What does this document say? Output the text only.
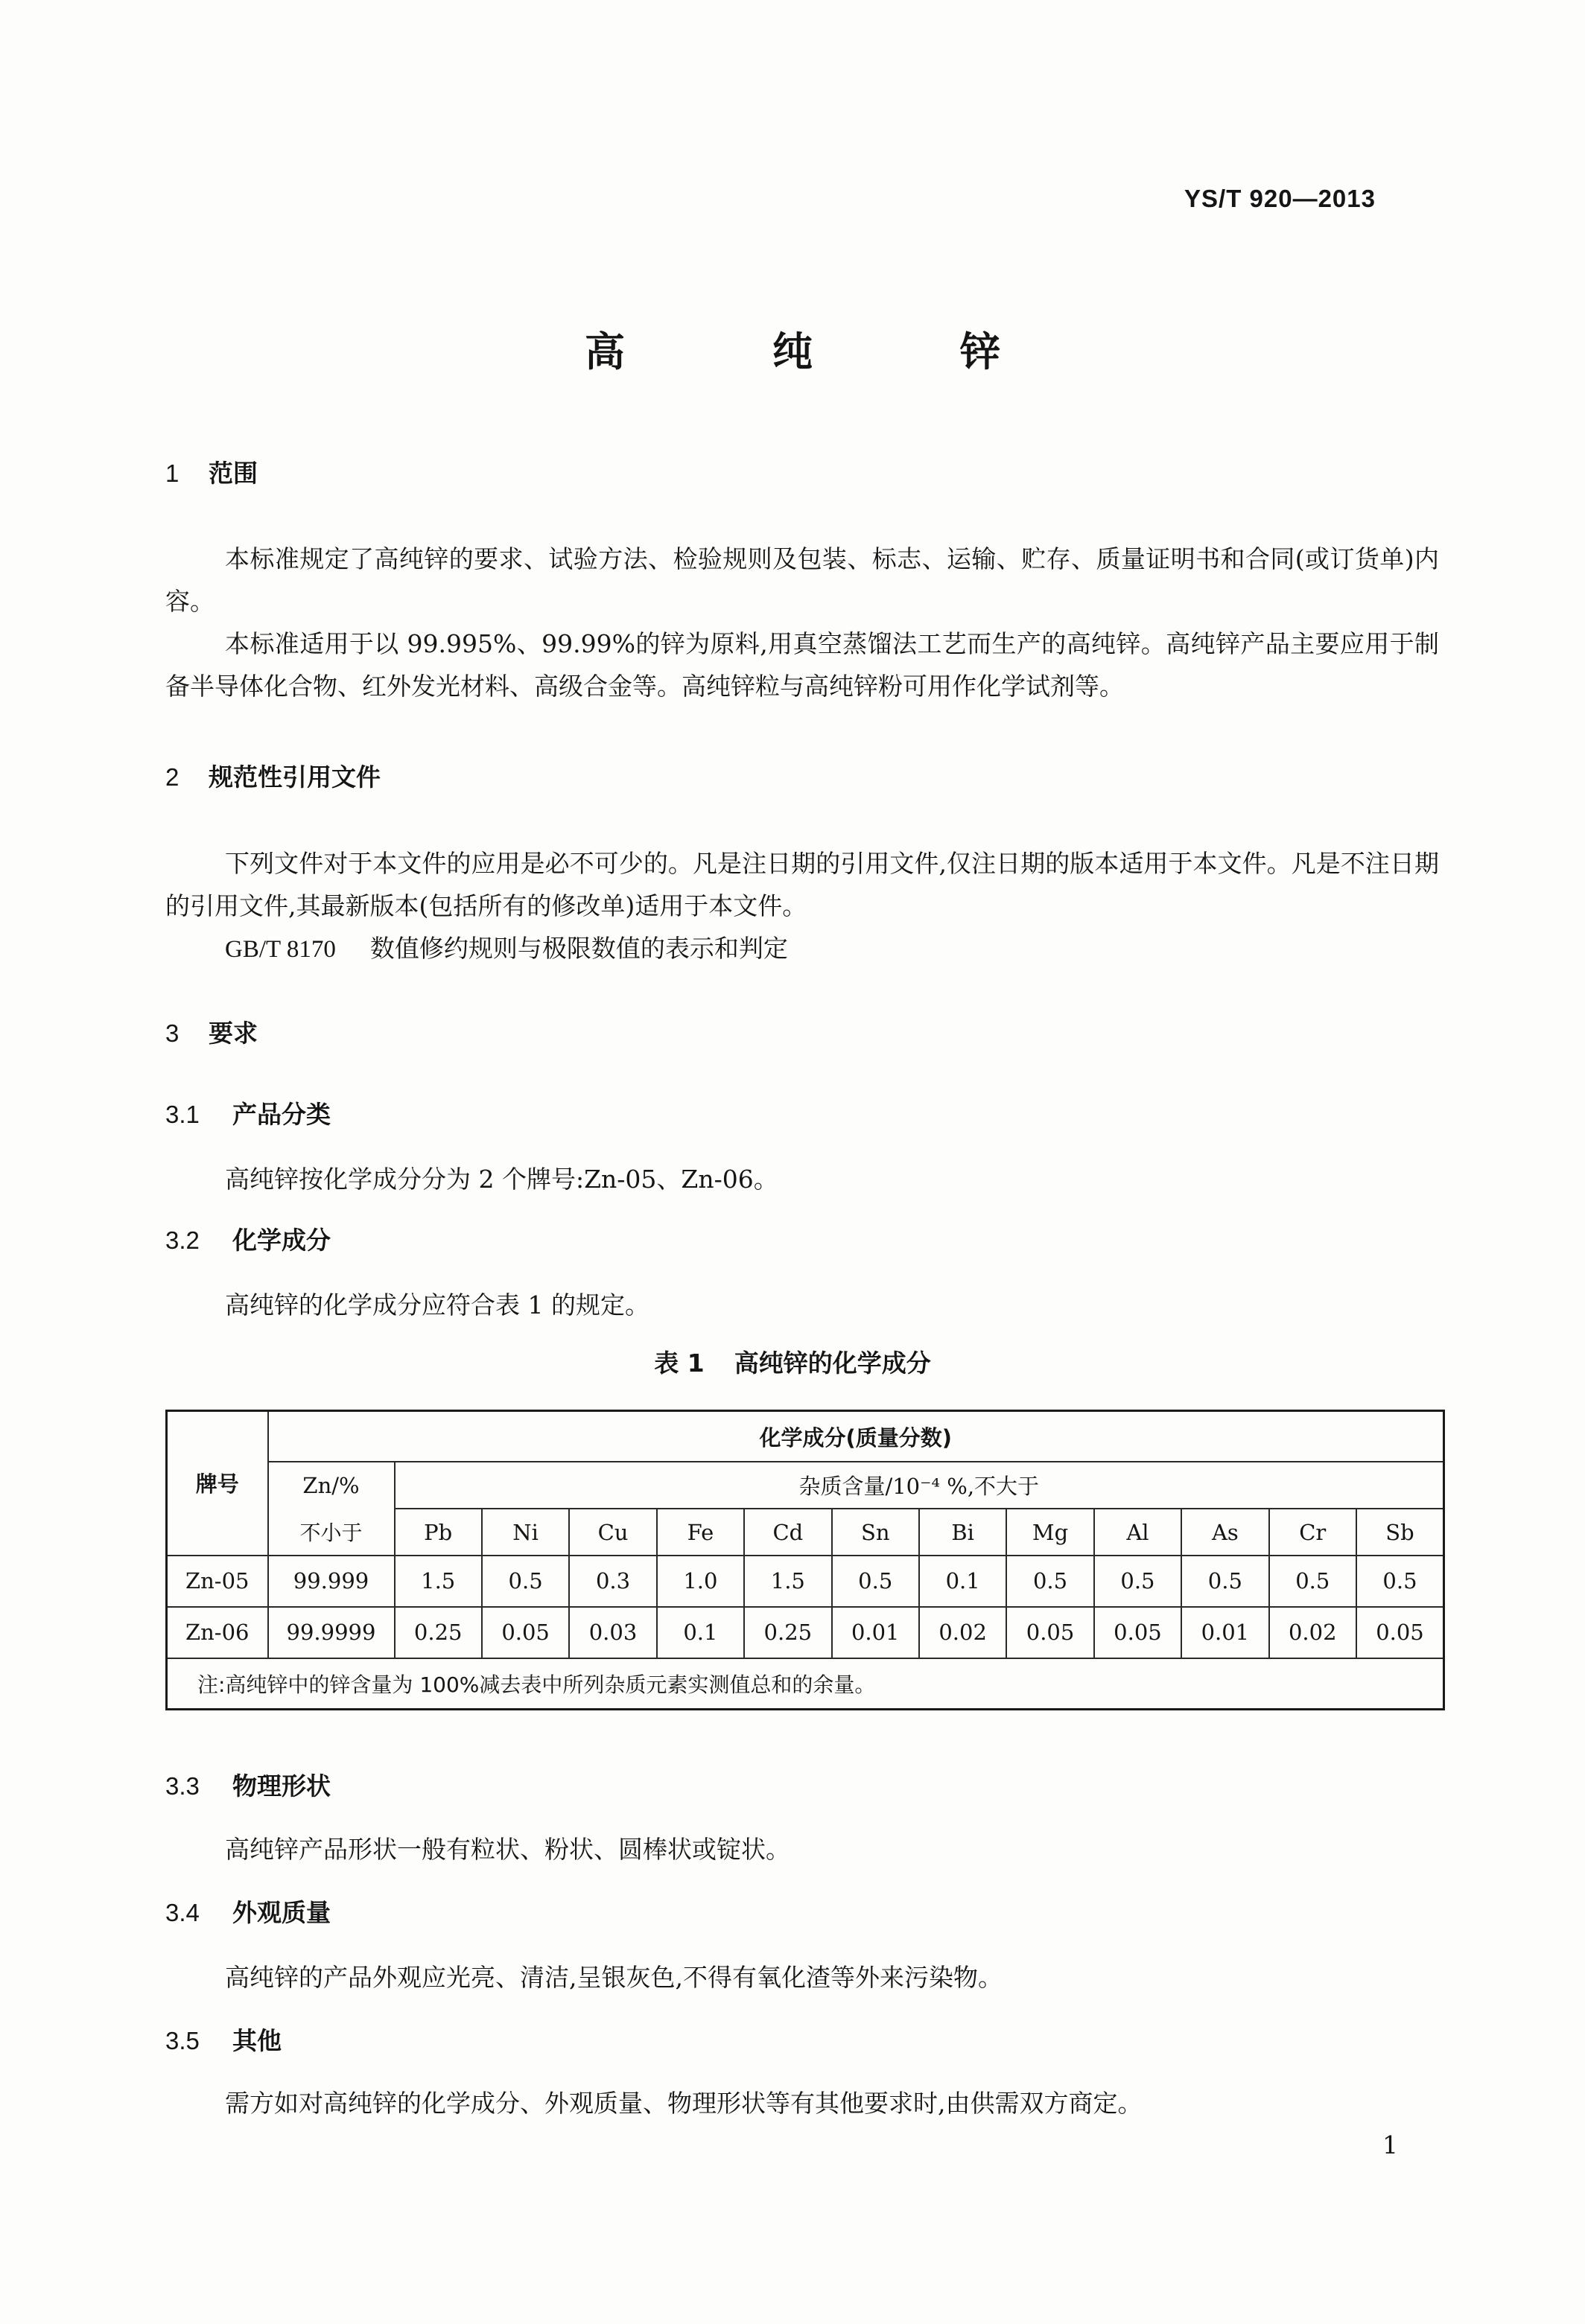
YS/T 920—2013
高　纯　锌
1 范围

本标准规定了高纯锌的要求、试验方法、检验规则及包装、标志、运输、贮存、质量证明书和合同(或订货单)内容。

本标准适用于以 99.995%、99.99%的锌为原料,用真空蒸馏法工艺而生产的高纯锌。高纯锌产品主要应用于制备半导体化合物、红外发光材料、高级合金等。高纯锌粒与高纯锌粉可用作化学试剂等。

2 规范性引用文件

下列文件对于本文件的应用是必不可少的。凡是注日期的引用文件,仅注日期的版本适用于本文件。凡是不注日期的引用文件,其最新版本(包括所有的修改单)适用于本文件。

GB/T 8170 数值修约规则与极限数值的表示和判定
3 要求
3.1 产品分类
高纯锌按化学成分分为 2 个牌号:Zn-05、Zn-06。
3.2 化学成分
高纯锌的化学成分应符合表 1 的规定。
表 1 高纯锌的化学成分
牌号	化学成分(质量分数)												
	Zn/%	杂质含量/10⁻⁴ %,不大于											
	不小于	Pb	Ni	Cu	Fe	Cd	Sn	Bi	Mg	Al	As	Cr	Sb
Zn-05	99.999	1.5	0.5	0.3	1.0	1.5	0.5	0.1	0.5	0.5	0.5	0.5	0.5
Zn-06	99.9999	0.25	0.05	0.03	0.1	0.25	0.01	0.02	0.05	0.05	0.01	0.02	0.05
注:高纯锌中的锌含量为 100%减去表中所列杂质元素实测值总和的余量。													
3.3 物理形状
高纯锌产品形状一般有粒状、粉状、圆棒状或锭状。
3.4 外观质量
高纯锌的产品外观应光亮、清洁,呈银灰色,不得有氧化渣等外来污染物。
3.5 其他
需方如对高纯锌的化学成分、外观质量、物理形状等有其他要求时,由供需双方商定。
1
